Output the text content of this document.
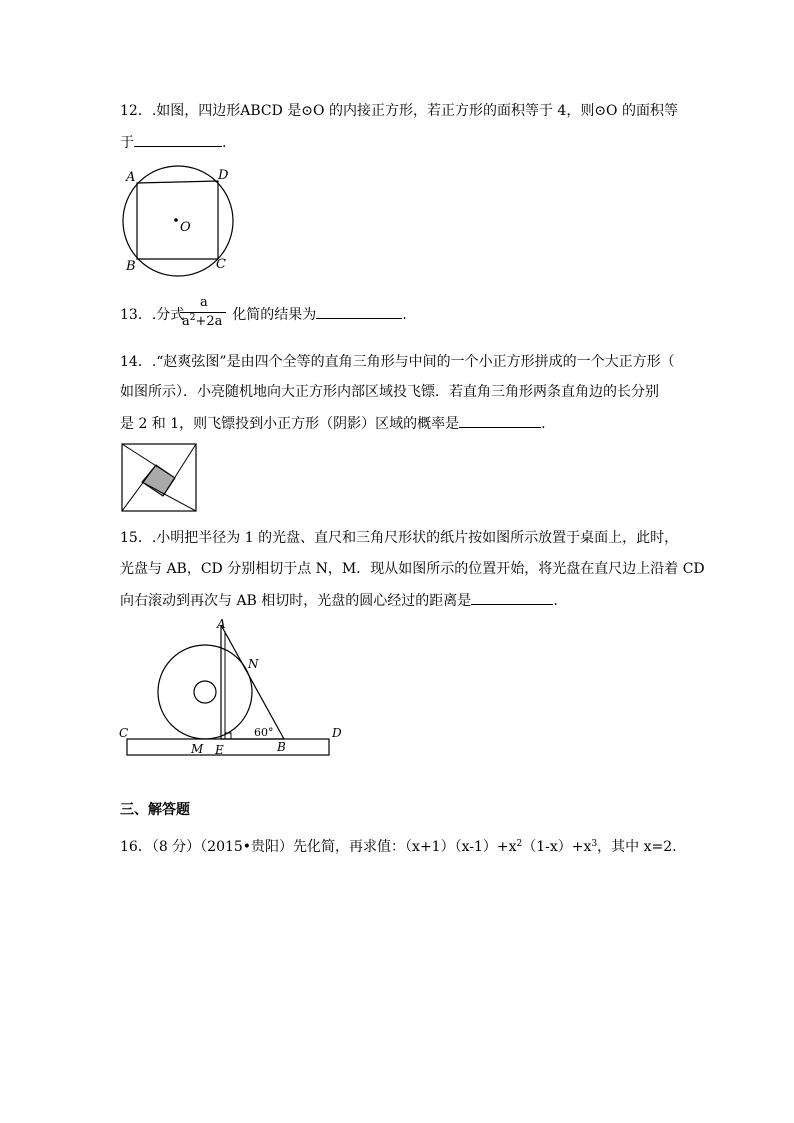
12．.如图，四边形ABCD 是⊙O 的内接正方形，若正方形的面积等于 4，则⊙O 的面积等
于	.
A	D
B	C
O
13．.分式	化简的结果为	.
a
$a^2+2a$
14．.“赵爽弦图”是由四个全等的直角三角形与中间的一个小正方形拼成的一个大正方形（
如图所示）．小亮随机地向大正方形内部区域投飞镖．若直角三角形两条直角边的长分别
是 2 和 1，则飞镖投到小正方形（阴影）区域的概率是	.
15．.小明把半径为 1 的光盘、直尺和三角尺形状的纸片按如图所示放置于桌面上，此时，
光盘与 AB，CD 分别相切于点 N，M．现从如图所示的位置开始，将光盘在直尺边上沿着 CD
向右滚动到再次与 AB 相切时，光盘的圆心经过的距离是	.
A
N
C	D
M E	B
60°
三、解答题
16．（8 分）（2015•贵阳）先化简，再求值：$(x+1)(x-1)+x^2(1-x)+x^3$，其中 x=2.
